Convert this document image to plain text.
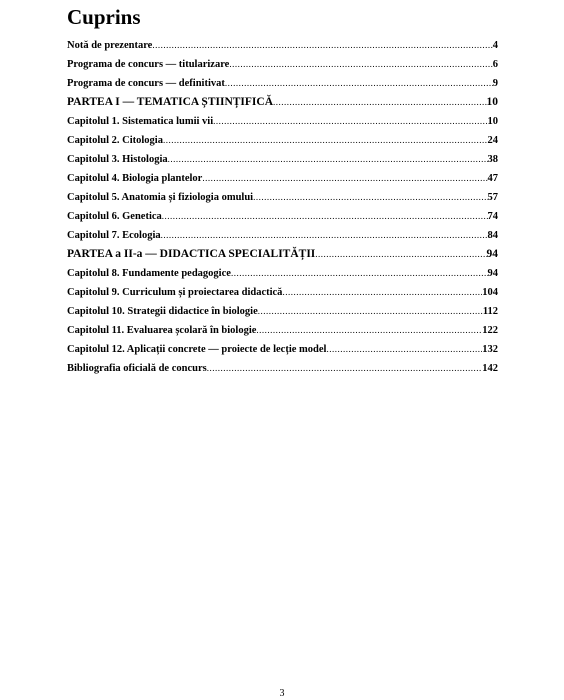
Cuprins
Notă de prezentare .....	4
Programa de concurs — titularizare .....	6
Programa de concurs — definitivat .....	9
PARTEA I — TEMATICA ȘTIINȚIFICĂ .....	10
Capitolul 1. Sistematica lumii vii .....	10
Capitolul 2. Citologia .....	24
Capitolul 3. Histologia .....	38
Capitolul 4. Biologia plantelor .....	47
Capitolul 5. Anatomia și fiziologia omului .....	57
Capitolul 6. Genetica .....	74
Capitolul 7. Ecologia .....	84
PARTEA a II-a — DIDACTICA SPECIALITĂȚII .....	94
Capitolul 8. Fundamente pedagogice .....	94
Capitolul 9. Curriculum și proiectarea didactică .....	104
Capitolul 10. Strategii didactice în biologie .....	112
Capitolul 11. Evaluarea școlară în biologie .....	122
Capitolul 12. Aplicații concrete — proiecte de lecție model .....	132
Bibliografia oficială de concurs .....	142
3
